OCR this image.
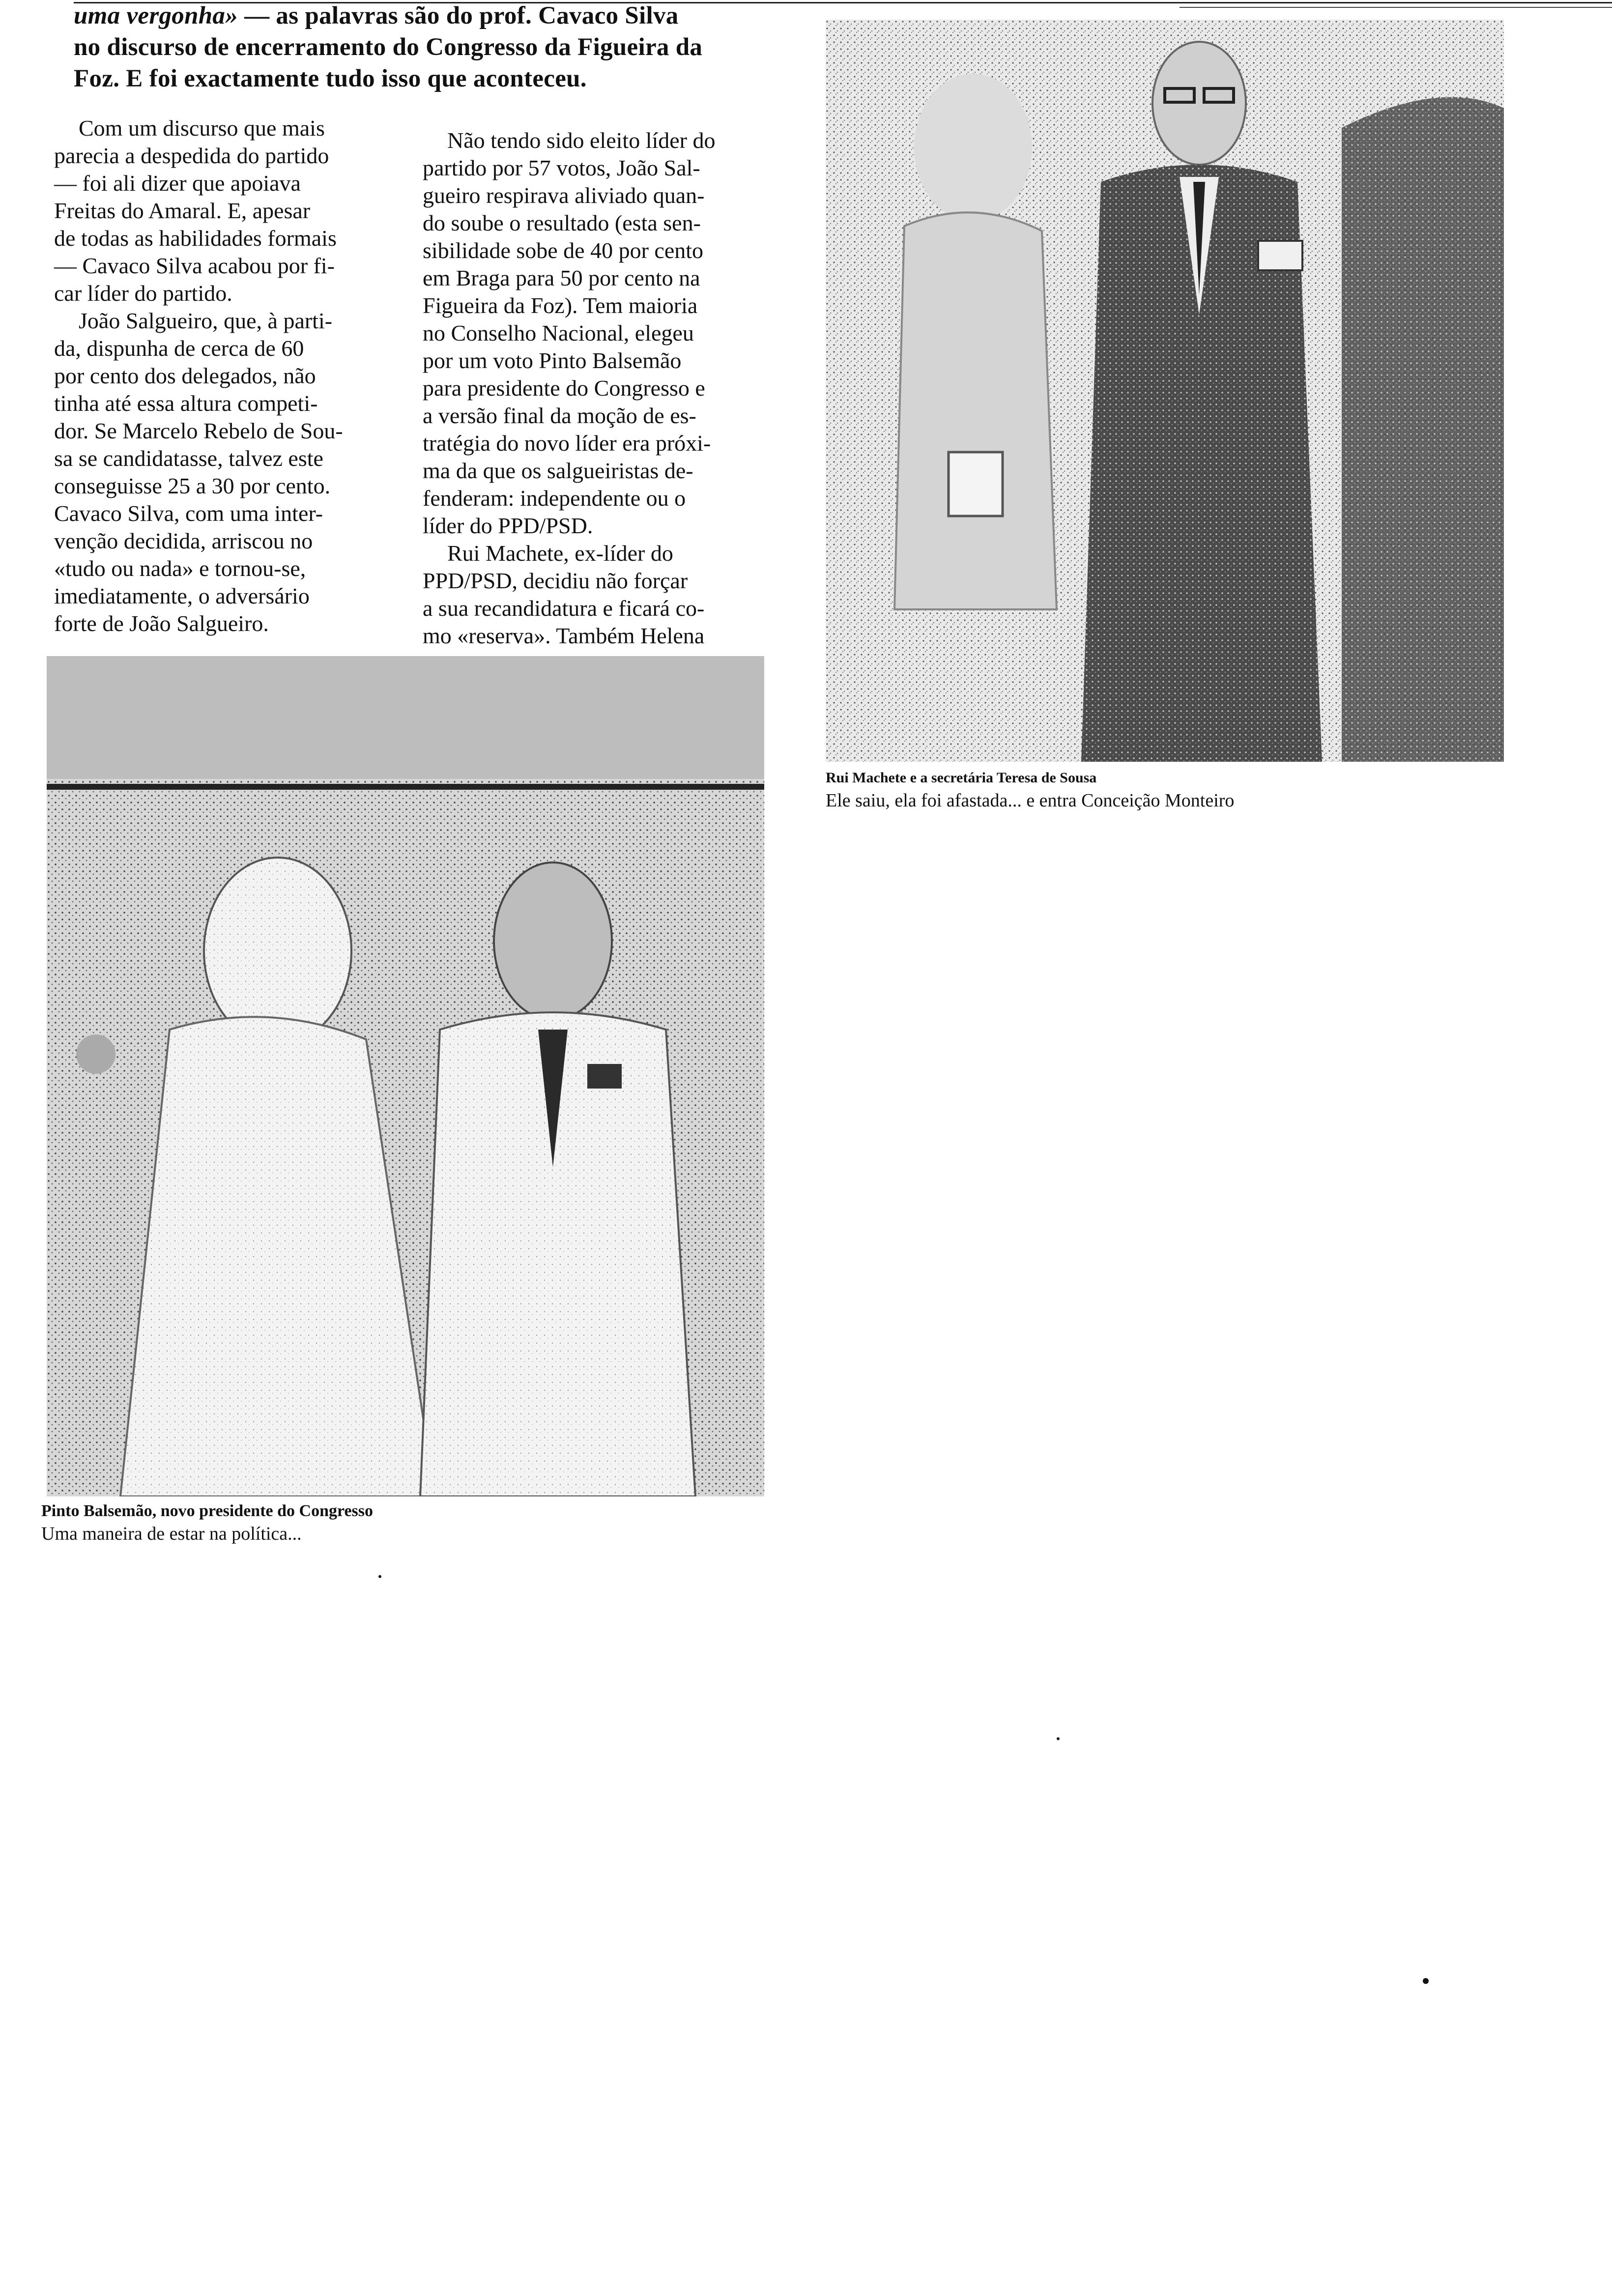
uma vergonha» — as palavras são do prof. Cavaco Silva
no discurso de encerramento do Congresso da Figueira da
Foz. E foi exactamente tudo isso que aconteceu.
Com um discurso que mais
parecia a despedida do partido
— foi ali dizer que apoiava
Freitas do Amaral. E, apesar
de todas as habilidades formais
— Cavaco Silva acabou por fi-
car líder do partido.
João Salgueiro, que, à parti-
da, dispunha de cerca de 60
por cento dos delegados, não
tinha até essa altura competi-
dor. Se Marcelo Rebelo de Sou-
sa se candidatasse, talvez este
conseguisse 25 a 30 por cento.
Cavaco Silva, com uma inter-
venção decidida, arriscou no
«tudo ou nada» e tornou-se,
imediatamente, o adversário
forte de João Salgueiro.
Não tendo sido eleito líder do
partido por 57 votos, João Sal-
gueiro respirava aliviado quan-
do soube o resultado (esta sen-
sibilidade sobe de 40 por cento
em Braga para 50 por cento na
Figueira da Foz). Tem maioria
no Conselho Nacional, elegeu
por um voto Pinto Balsemão
para presidente do Congresso e
a versão final da moção de es-
tratégia do novo líder era próxi-
ma da que os salgueiristas de-
fenderam: independente ou o
líder do PPD/PSD.
Rui Machete, ex-líder do
PPD/PSD, decidiu não forçar
a sua recandidatura e ficará co-
mo «reserva». Também Helena
Rui Machete e a secretária Teresa de Sousa
Ele saiu, ela foi afastada... e entra Conceição Monteiro
Pinto Balsemão, novo presidente do Congresso
Uma maneira de estar na política...
